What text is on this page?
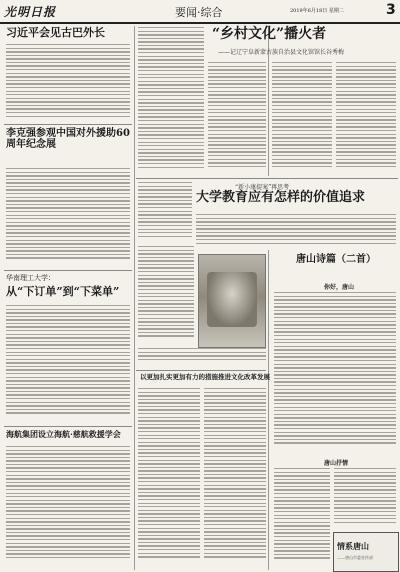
光明日报	要闻·综合	2019年6月18日 星期二	3
习近平会见古巴外长
李克强参观中国对外援助60周年纪念展
华南理工大学：
从“下订单”到“下菜单”
海航集团设立海航·慈航救援学会
“乡村文化”播火者
——记辽宁阜新蒙古族自治县文化馆馆长谷秀梅
“新小康提案”再思考
大学教育应有怎样的价值追求
以更加扎实更加有力的措施推进文化改革发展
唐山诗篇（二首）
你好，唐山
唐山抒情
情系唐山
——唐山市委宣传部
